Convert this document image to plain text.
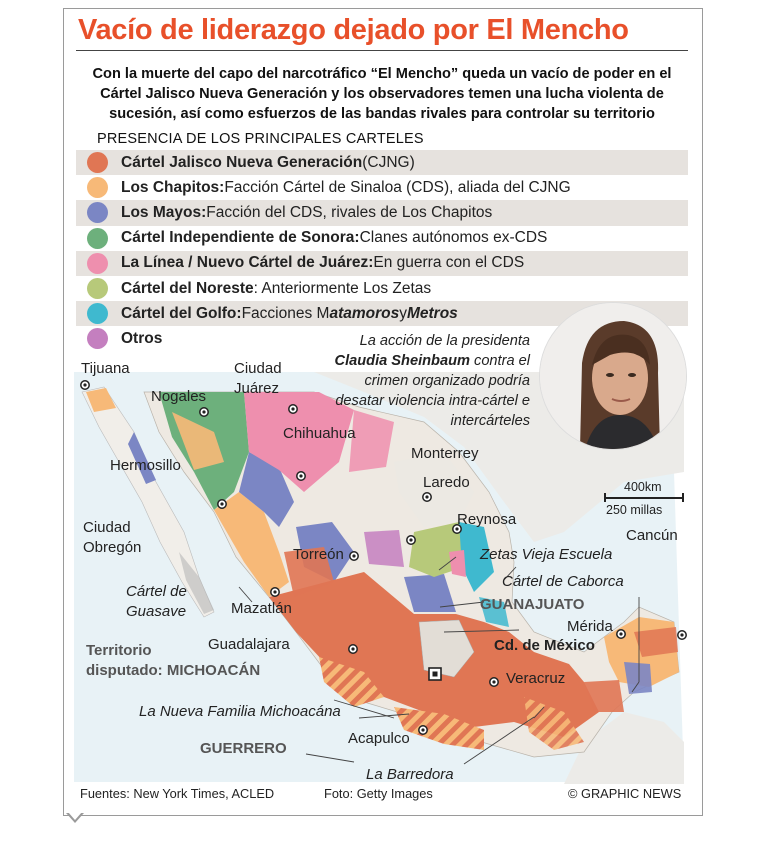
Vacío de liderazgo dejado por El Mencho
Con la muerte del capo del narcotráfico “El Mencho” queda un vacío de poder en el Cártel Jalisco Nueva Generación y los observadores temen una lucha violenta de sucesión, así como esfuerzos de las bandas rivales para controlar su territorio
PRESENCIA DE LOS PRINCIPALES CARTELES
Cártel Jalisco Nueva Generación (CJNG)
Los Chapitos: Facción Cártel de Sinaloa (CDS), aliada del CJNG
Los Mayos: Facción del CDS, rivales de Los Chapitos
Cártel Independiente de Sonora: Clanes autónomos ex-CDS
La Línea / Nuevo Cártel de Juárez: En guerra con el CDS
Cártel del Noreste : Anteriormente Los Zetas
Cártel del Golfo: Facciones M atamoros y Metros
Otros	La acción de la presidenta Claudia Sheinbaum contra el crimen organizado podría desatar violencia intra-cártel e intercárteles
400km
250 millas
Tijuana
Nogales
Ciudad
Juárez
Chihuahua
Hermosillo
Monterrey
Laredo
Reynosa
Ciudad
Obregón	Torreón	Zetas Vieja Escuela
Cancún
Cártel de
Guasave	Mazatlán
Cártel de Caborca
GUANAJUATO
Mérida
Guadalajara	Cd. de México
Territorio
disputado: MICHOACÁN	Veracruz
La Nueva Familia Michoacána
GUERRERO
Acapulco
La Barredora
Fuentes: New York Times, ACLED	Foto: Getty Images	© GRAPHIC NEWS
